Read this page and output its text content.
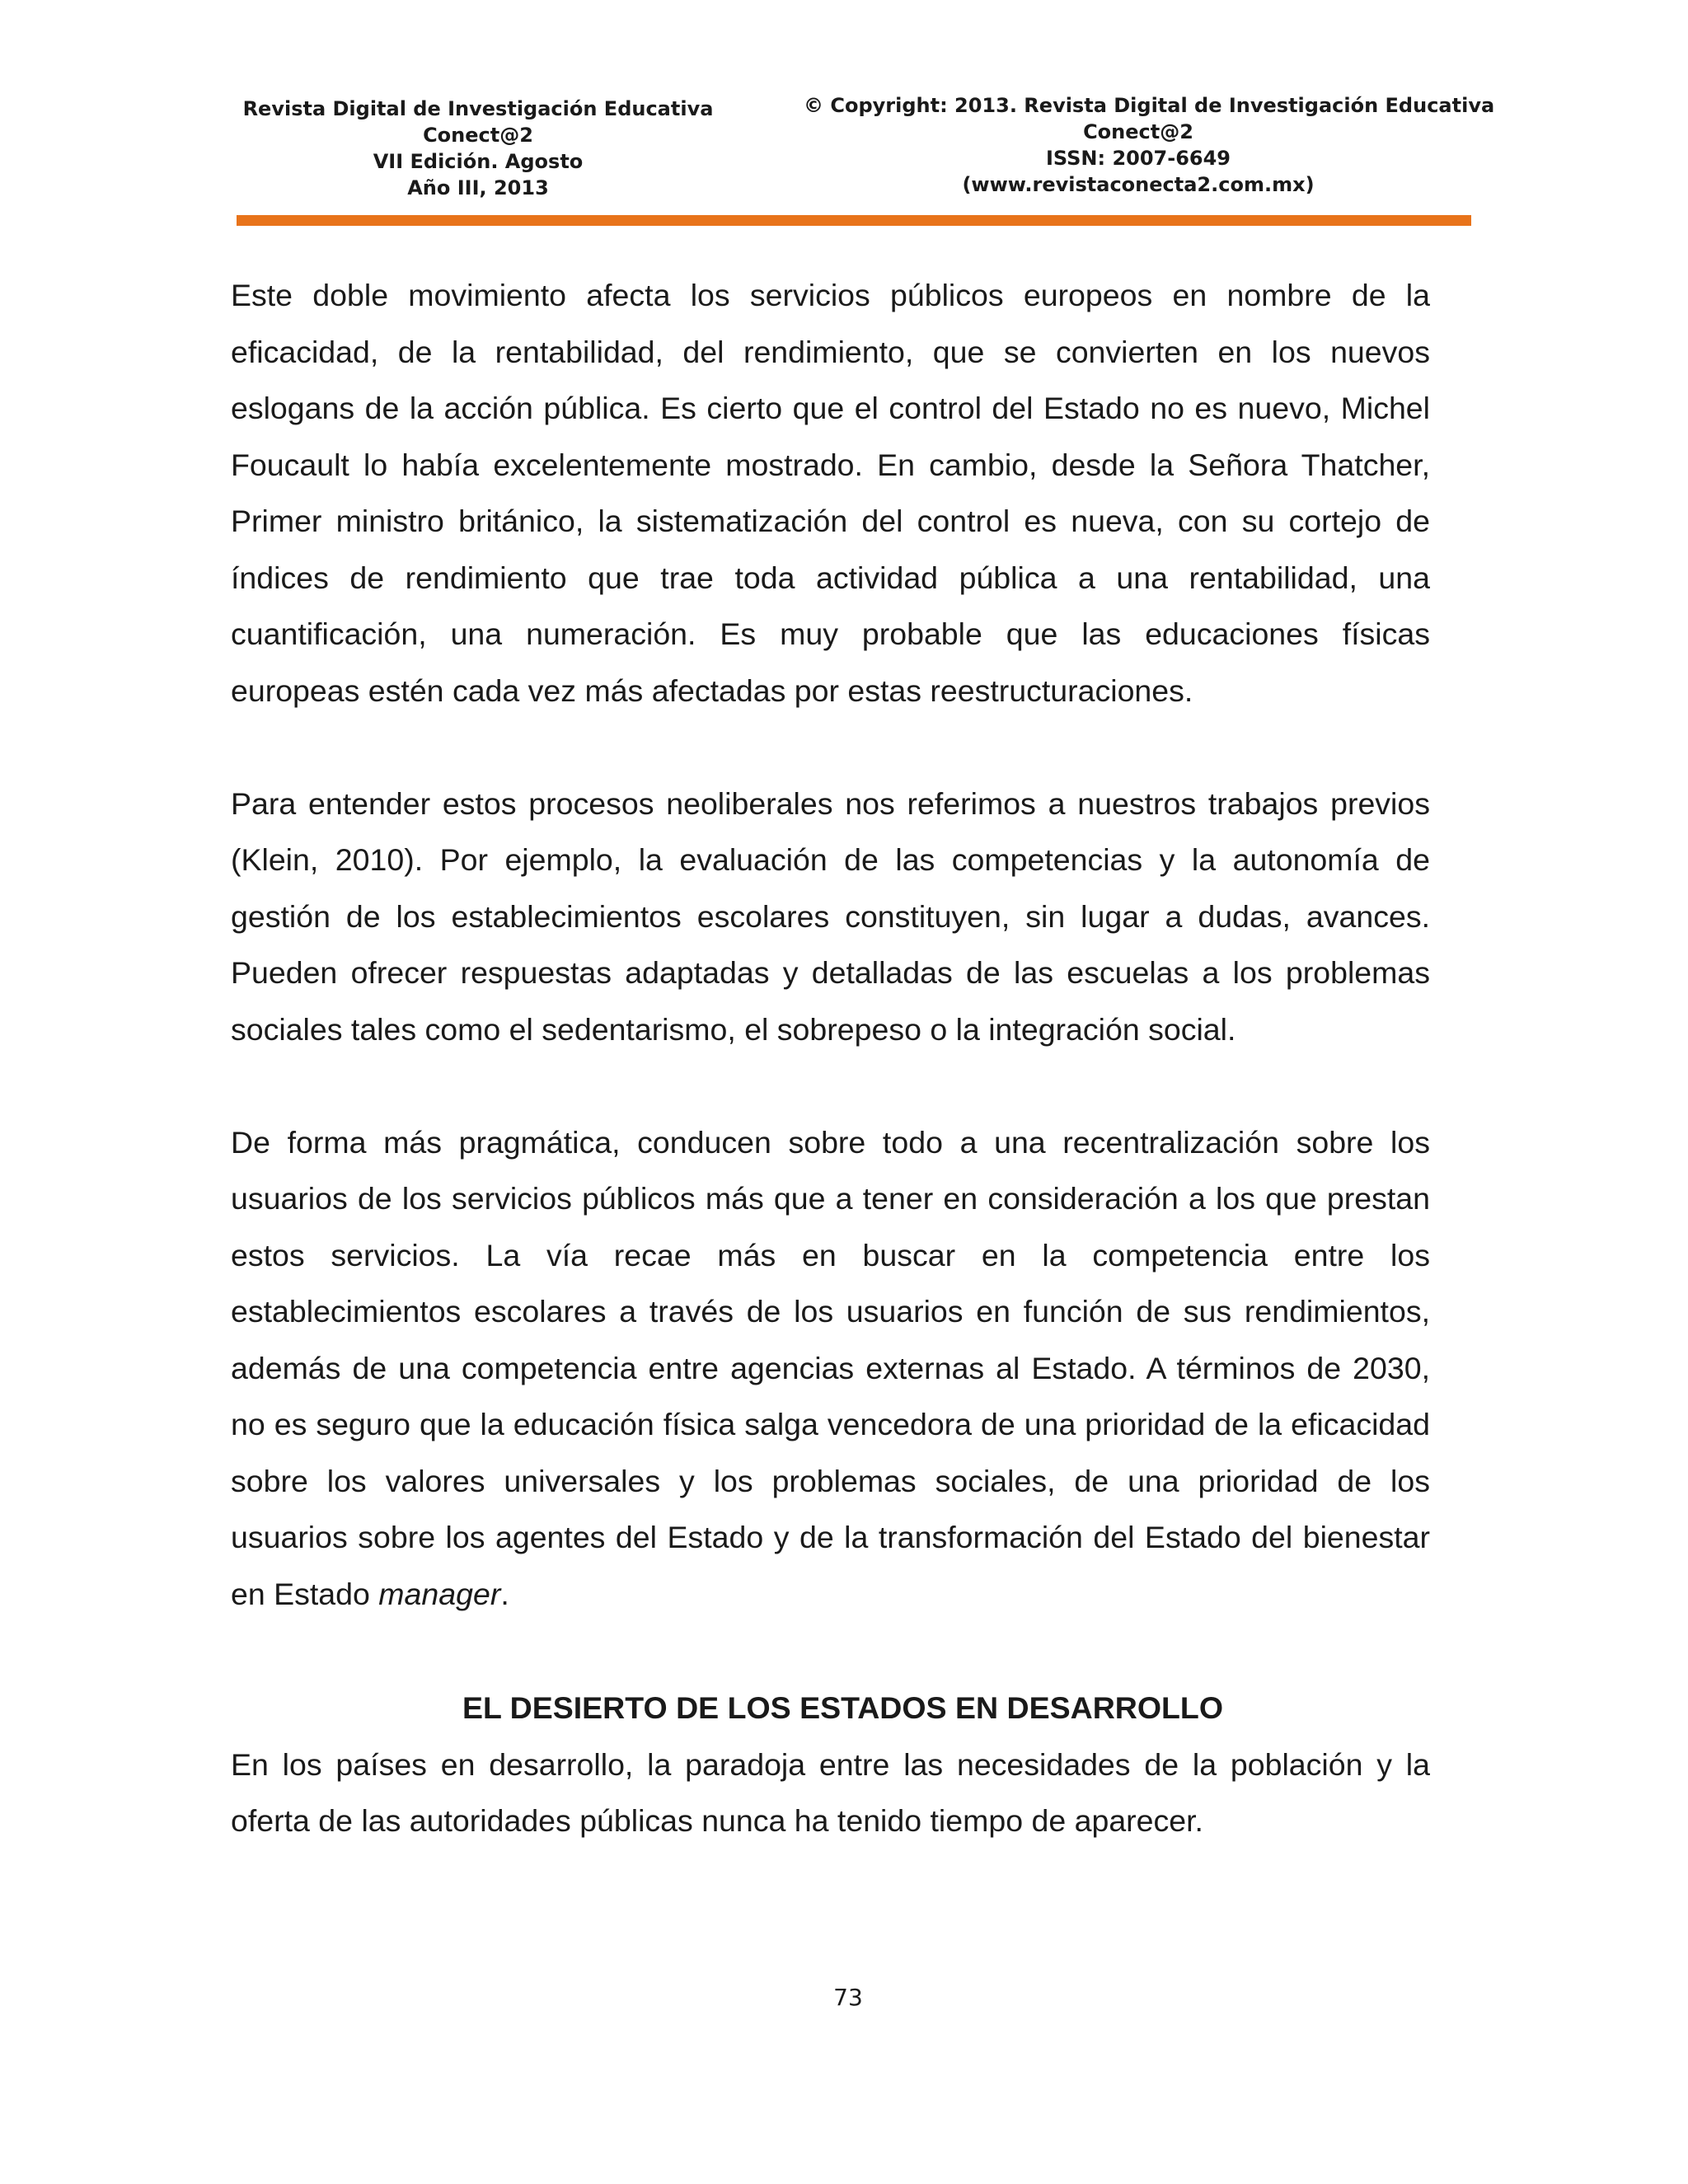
Revista Digital de Investigación Educativa
Conect@2
VII Edición. Agosto
Año III, 2013
© Copyright: 2013. Revista Digital de Investigación Educativa
Conect@2
ISSN: 2007-6649
(www.revistaconecta2.com.mx)

Este doble movimiento afecta los servicios públicos europeos en nombre de la eficacidad, de la rentabilidad, del rendimiento, que se convierten en los nuevos eslogans de la acción pública. Es cierto que el control del Estado no es nuevo, Michel Foucault lo había excelentemente mostrado. En cambio, desde la Señora Thatcher, Primer ministro británico, la sistematización del control es nueva, con su cortejo de índices de rendimiento que trae toda actividad pública a una rentabilidad, una cuantificación, una numeración. Es muy probable que las educaciones físicas europeas estén cada vez más afectadas por estas reestructuraciones.

Para entender estos procesos neoliberales nos referimos a nuestros trabajos previos (Klein, 2010). Por ejemplo, la evaluación de las competencias y la autonomía de gestión de los establecimientos escolares constituyen, sin lugar a dudas, avances. Pueden ofrecer respuestas adaptadas y detalladas de las escuelas a los problemas sociales tales como el sedentarismo, el sobrepeso o la integración social.

De forma más pragmática, conducen sobre todo a una recentralización sobre los usuarios de los servicios públicos más que a tener en consideración a los que prestan estos servicios. La vía recae más en buscar en la competencia entre los establecimientos escolares a través de los usuarios en función de sus rendimientos, además de una competencia entre agencias externas al Estado. A términos de 2030, no es seguro que la educación física salga vencedora de una prioridad de la eficacidad sobre los valores universales y los problemas sociales, de una prioridad de los usuarios sobre los agentes del Estado y de la transformación del Estado del bienestar en Estado manager.

EL DESIERTO DE LOS ESTADOS EN DESARROLLO

En los países en desarrollo, la paradoja entre las necesidades de la población y la oferta de las autoridades públicas nunca ha tenido tiempo de aparecer.

73
